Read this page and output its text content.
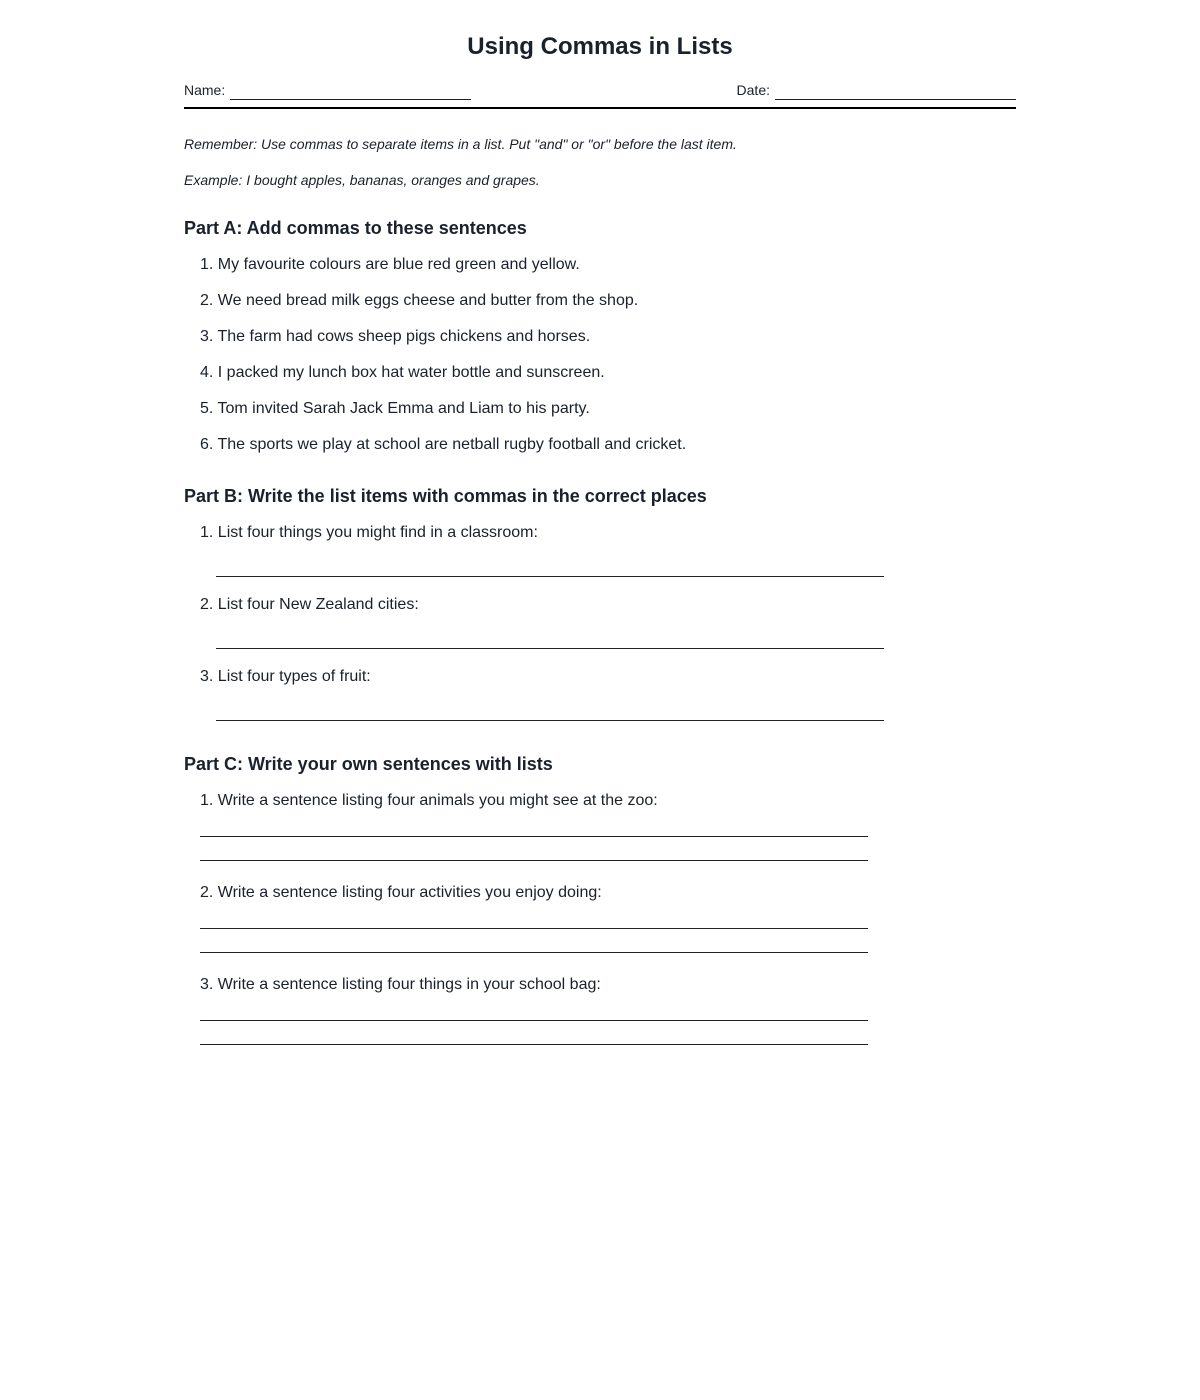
Using Commas in Lists
Name:	Date:

Remember: Use commas to separate items in a list. Put "and" or "or" before the last item.

Example: I bought apples, bananas, oranges and grapes.

Part A: Add commas to these sentences
1. My favourite colours are blue red green and yellow.
2. We need bread milk eggs cheese and butter from the shop.
3. The farm had cows sheep pigs chickens and horses.
4. I packed my lunch box hat water bottle and sunscreen.
5. Tom invited Sarah Jack Emma and Liam to his party.
6. The sports we play at school are netball rugby football and cricket.
Part B: Write the list items with commas in the correct places
1. List four things you might find in a classroom:
2. List four New Zealand cities:
3. List four types of fruit:
Part C: Write your own sentences with lists
1. Write a sentence listing four animals you might see at the zoo:
2. Write a sentence listing four activities you enjoy doing:
3. Write a sentence listing four things in your school bag:
